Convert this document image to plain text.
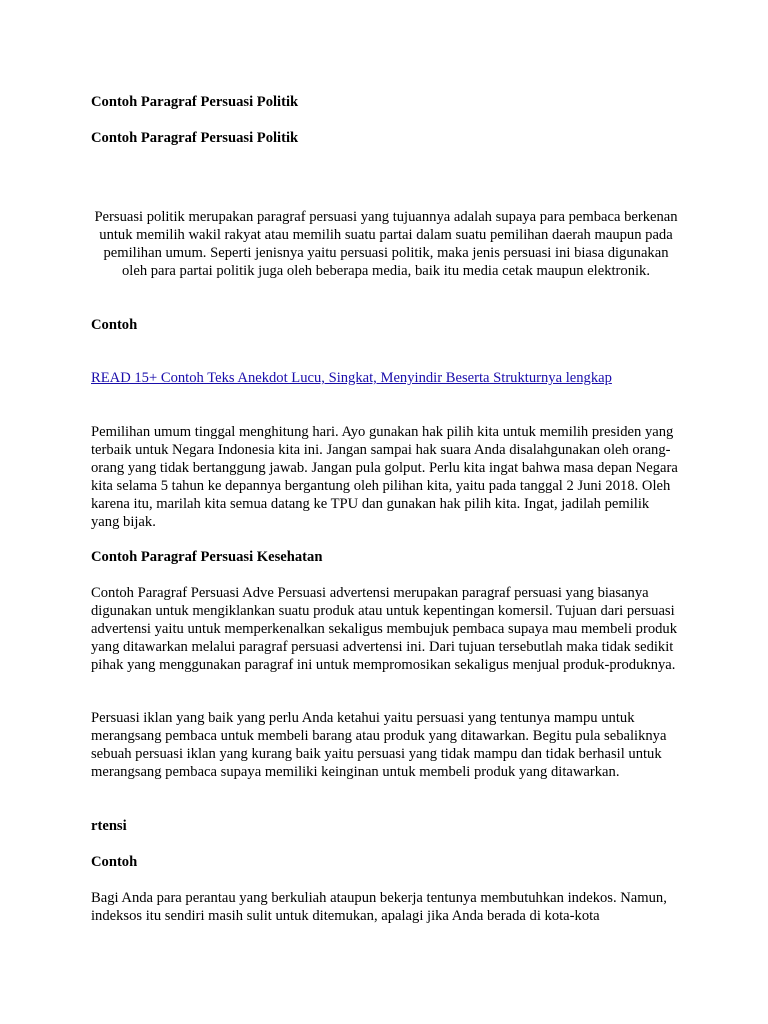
Contoh Paragraf Persuasi Politik
Contoh Paragraf Persuasi Politik
Persuasi politik merupakan paragraf persuasi yang tujuannya adalah supaya para pembaca berkenan untuk memilih wakil rakyat atau memilih suatu partai dalam suatu pemilihan daerah maupun pada pemilihan umum. Seperti jenisnya yaitu persuasi politik, maka jenis persuasi ini biasa digunakan oleh para partai politik juga oleh beberapa media, baik itu media cetak maupun elektronik.
Contoh
READ 15+ Contoh Teks Anekdot Lucu, Singkat, Menyindir Beserta Strukturnya lengkap
Pemilihan umum tinggal menghitung hari. Ayo gunakan hak pilih kita untuk memilih presiden yang terbaik untuk Negara Indonesia kita ini. Jangan sampai hak suara Anda disalahgunakan oleh orang-orang yang tidak bertanggung jawab. Jangan pula golput. Perlu kita ingat bahwa masa depan Negara kita selama 5 tahun ke depannya bergantung oleh pilihan kita, yaitu pada tanggal 2 Juni 2018. Oleh karena itu, marilah kita semua datang ke TPU dan gunakan hak pilih kita. Ingat, jadilah pemilik yang bijak.
Contoh Paragraf Persuasi Kesehatan
Contoh Paragraf Persuasi Adve Persuasi advertensi merupakan paragraf persuasi yang biasanya digunakan untuk mengiklankan suatu produk atau untuk kepentingan komersil. Tujuan dari persuasi advertensi yaitu untuk memperkenalkan sekaligus membujuk pembaca supaya mau membeli produk yang ditawarkan melalui paragraf persuasi advertensi ini. Dari tujuan tersebutlah maka tidak sedikit pihak yang menggunakan paragraf ini untuk mempromosikan sekaligus menjual produk-produknya.
Persuasi iklan yang baik yang perlu Anda ketahui yaitu persuasi yang tentunya mampu untuk merangsang pembaca untuk membeli barang atau produk yang ditawarkan. Begitu pula sebaliknya sebuah persuasi iklan yang kurang baik yaitu persuasi yang tidak mampu dan tidak berhasil untuk merangsang pembaca supaya memiliki keinginan untuk membeli produk yang ditawarkan.
rtensi
Contoh
Bagi Anda para perantau yang berkuliah ataupun bekerja tentunya membutuhkan indekos. Namun, indeksos itu sendiri masih sulit untuk ditemukan, apalagi jika Anda berada di kota-kota
